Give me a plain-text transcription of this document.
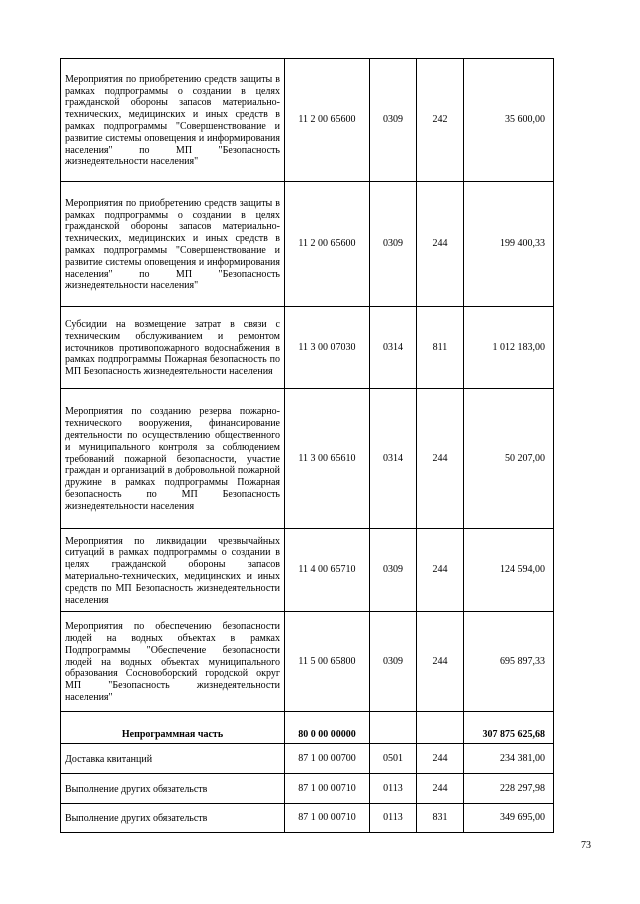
Мероприятия по приобретению средств защиты в рамках подпрограммы о создании в целях гражданской обороны запасов материально-технических, медицинских и иных средств в рамках подпрограммы "Совершенствование и развитие системы оповещения и информирования населения" по МП "Безопасность жизнедеятельности населения"	11 2 00 65600	0309	242	35 600,00
Мероприятия по приобретению средств защиты в рамках подпрограммы о создании в целях гражданской обороны запасов материально-технических, медицинских и иных средств в рамках подпрограммы "Совершенствование и развитие системы оповещения и информирования населения" по МП "Безопасность жизнедеятельности населения"	11 2 00 65600	0309	244	199 400,33
Субсидии на возмещение затрат в связи с техническим обслуживанием и ремонтом источников противопожарного водоснабжения в рамках подпрограммы Пожарная безопасность по МП Безопасность жизнедеятельности населения	11 3 00 07030	0314	811	1 012 183,00
Мероприятия по созданию резерва пожарно-технического вооружения, финансирование деятельности по осуществлению общественного и муниципального контроля за соблюдением требований пожарной безопасности, участие граждан и организаций в добровольной пожарной дружине в рамках подпрограммы Пожарная безопасность по МП Безопасность жизнедеятельности населения	11 3 00 65610	0314	244	50 207,00
Мероприятия по ликвидации чрезвычайных ситуаций в рамках подпрограммы о создании в целях гражданской обороны запасов материально-технических, медицинских и иных средств по МП Безопасность жизнедеятельности населения	11 4 00 65710	0309	244	124 594,00
Мероприятия по обеспечению безопасности людей на водных объектах в рамках Подпрограммы "Обеспечение безопасности людей на водных объектах муниципального образования Сосновоборский городской округ МП "Безопасность жизнедеятельности населения"	11 5 00 65800	0309	244	695 897,33
Непрограммная часть	80 0 00 00000			307 875 625,68
Доставка квитанций	87 1 00 00700	0501	244	234 381,00
Выполнение других обязательств	87 1 00 00710	0113	244	228 297,98
Выполнение других обязательств	87 1 00 00710	0113	831	349 695,00
73
